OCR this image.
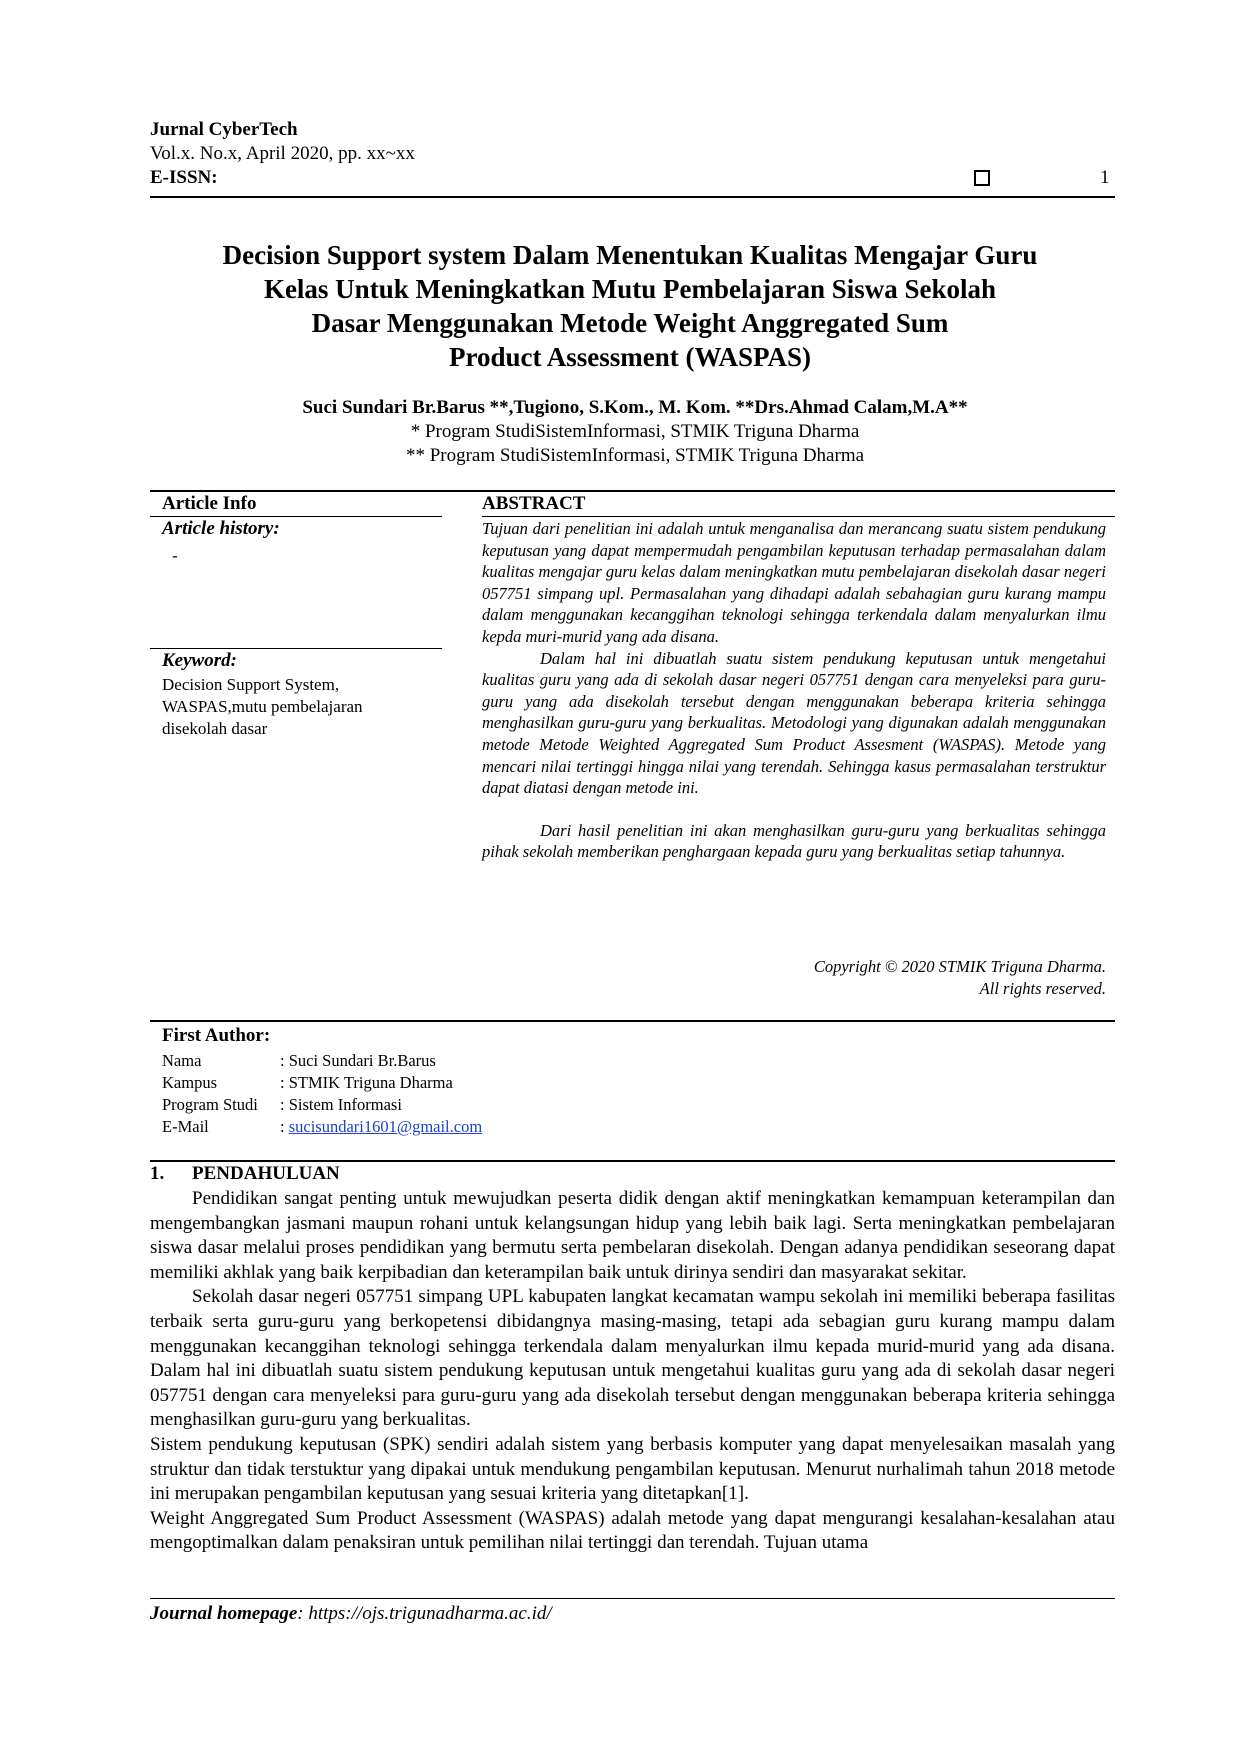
Jurnal CyberTech
Vol.x. No.x, April 2020, pp. xx~xx
E-ISSN:	1
Decision Support system Dalam Menentukan Kualitas Mengajar Guru
Kelas Untuk Meningkatkan Mutu Pembelajaran Siswa Sekolah
Dasar Menggunakan Metode Weight Anggregated Sum
Product Assessment (WASPAS)
Suci Sundari Br.Barus **,Tugiono, S.Kom., M. Kom. **Drs.Ahmad Calam,M.A**
* Program StudiSistemInformasi, STMIK Triguna Dharma
** Program StudiSistemInformasi, STMIK Triguna Dharma
Article Info	ABSTRACT
Article history:
-
Keyword:
Decision Support System,
WASPAS,mutu pembelajaran
disekolah dasar

Tujuan dari penelitian ini adalah untuk menganalisa dan merancang suatu sistem pendukung keputusan yang dapat mempermudah pengambilan keputusan terhadap permasalahan dalam kualitas mengajar guru kelas dalam meningkatkan mutu pembelajaran disekolah dasar negeri 057751 simpang upl. Permasalahan yang dihadapi adalah sebahagian guru kurang mampu dalam menggunakan kecanggihan teknologi sehingga terkendala dalam menyalurkan ilmu kepda muri-murid yang ada disana.

Dalam hal ini dibuatlah suatu sistem pendukung keputusan untuk mengetahui kualitas guru yang ada di sekolah dasar negeri 057751 dengan cara menyeleksi para guru-guru yang ada disekolah tersebut dengan menggunakan beberapa kriteria sehingga menghasilkan guru-guru yang berkualitas. Metodologi yang digunakan adalah menggunakan metode Metode Weighted Aggregated Sum Product Assesment (WASPAS). Metode yang mencari nilai tertinggi hingga nilai yang terendah. Sehingga kasus permasalahan terstruktur dapat diatasi dengan metode ini.

Dari hasil penelitian ini akan menghasilkan guru-guru yang berkualitas sehingga pihak sekolah memberikan penghargaan kepada guru yang berkualitas setiap tahunnya.

Copyright © 2020 STMIK Triguna Dharma.
All rights reserved.
First Author:
Nama	: Suci Sundari Br.Barus
Kampus	: STMIK Triguna Dharma
Program Studi	: Sistem Informasi
E-Mail	: sucisundari1601@gmail.com
1. PENDAHULUAN

Pendidikan sangat penting untuk mewujudkan peserta didik dengan aktif meningkatkan kemampuan keterampilan dan mengembangkan jasmani maupun rohani untuk kelangsungan hidup yang lebih baik lagi. Serta meningkatkan pembelajaran siswa dasar melalui proses pendidikan yang bermutu serta pembelaran disekolah. Dengan adanya pendidikan seseorang dapat memiliki akhlak yang baik kerpibadian dan keterampilan baik untuk dirinya sendiri dan masyarakat sekitar.

Sekolah dasar negeri 057751 simpang UPL kabupaten langkat kecamatan wampu sekolah ini memiliki beberapa fasilitas terbaik serta guru-guru yang berkopetensi dibidangnya masing-masing, tetapi ada sebagian guru kurang mampu dalam menggunakan kecanggihan teknologi sehingga terkendala dalam menyalurkan ilmu kepada murid-murid yang ada disana. Dalam hal ini dibuatlah suatu sistem pendukung keputusan untuk mengetahui kualitas guru yang ada di sekolah dasar negeri 057751 dengan cara menyeleksi para guru-guru yang ada disekolah tersebut dengan menggunakan beberapa kriteria sehingga menghasilkan guru-guru yang berkualitas.

Sistem pendukung keputusan (SPK) sendiri adalah sistem yang berbasis komputer yang dapat menyelesaikan masalah yang struktur dan tidak terstuktur yang dipakai untuk mendukung pengambilan keputusan. Menurut nurhalimah tahun 2018 metode ini merupakan pengambilan keputusan yang sesuai kriteria yang ditetapkan[1].

Weight Anggregated Sum Product Assessment (WASPAS) adalah metode yang dapat mengurangi kesalahan-kesalahan atau mengoptimalkan dalam penaksiran untuk pemilihan nilai tertinggi dan terendah. Tujuan utama

Journal homepage: https://ojs.trigunadharma.ac.id/
